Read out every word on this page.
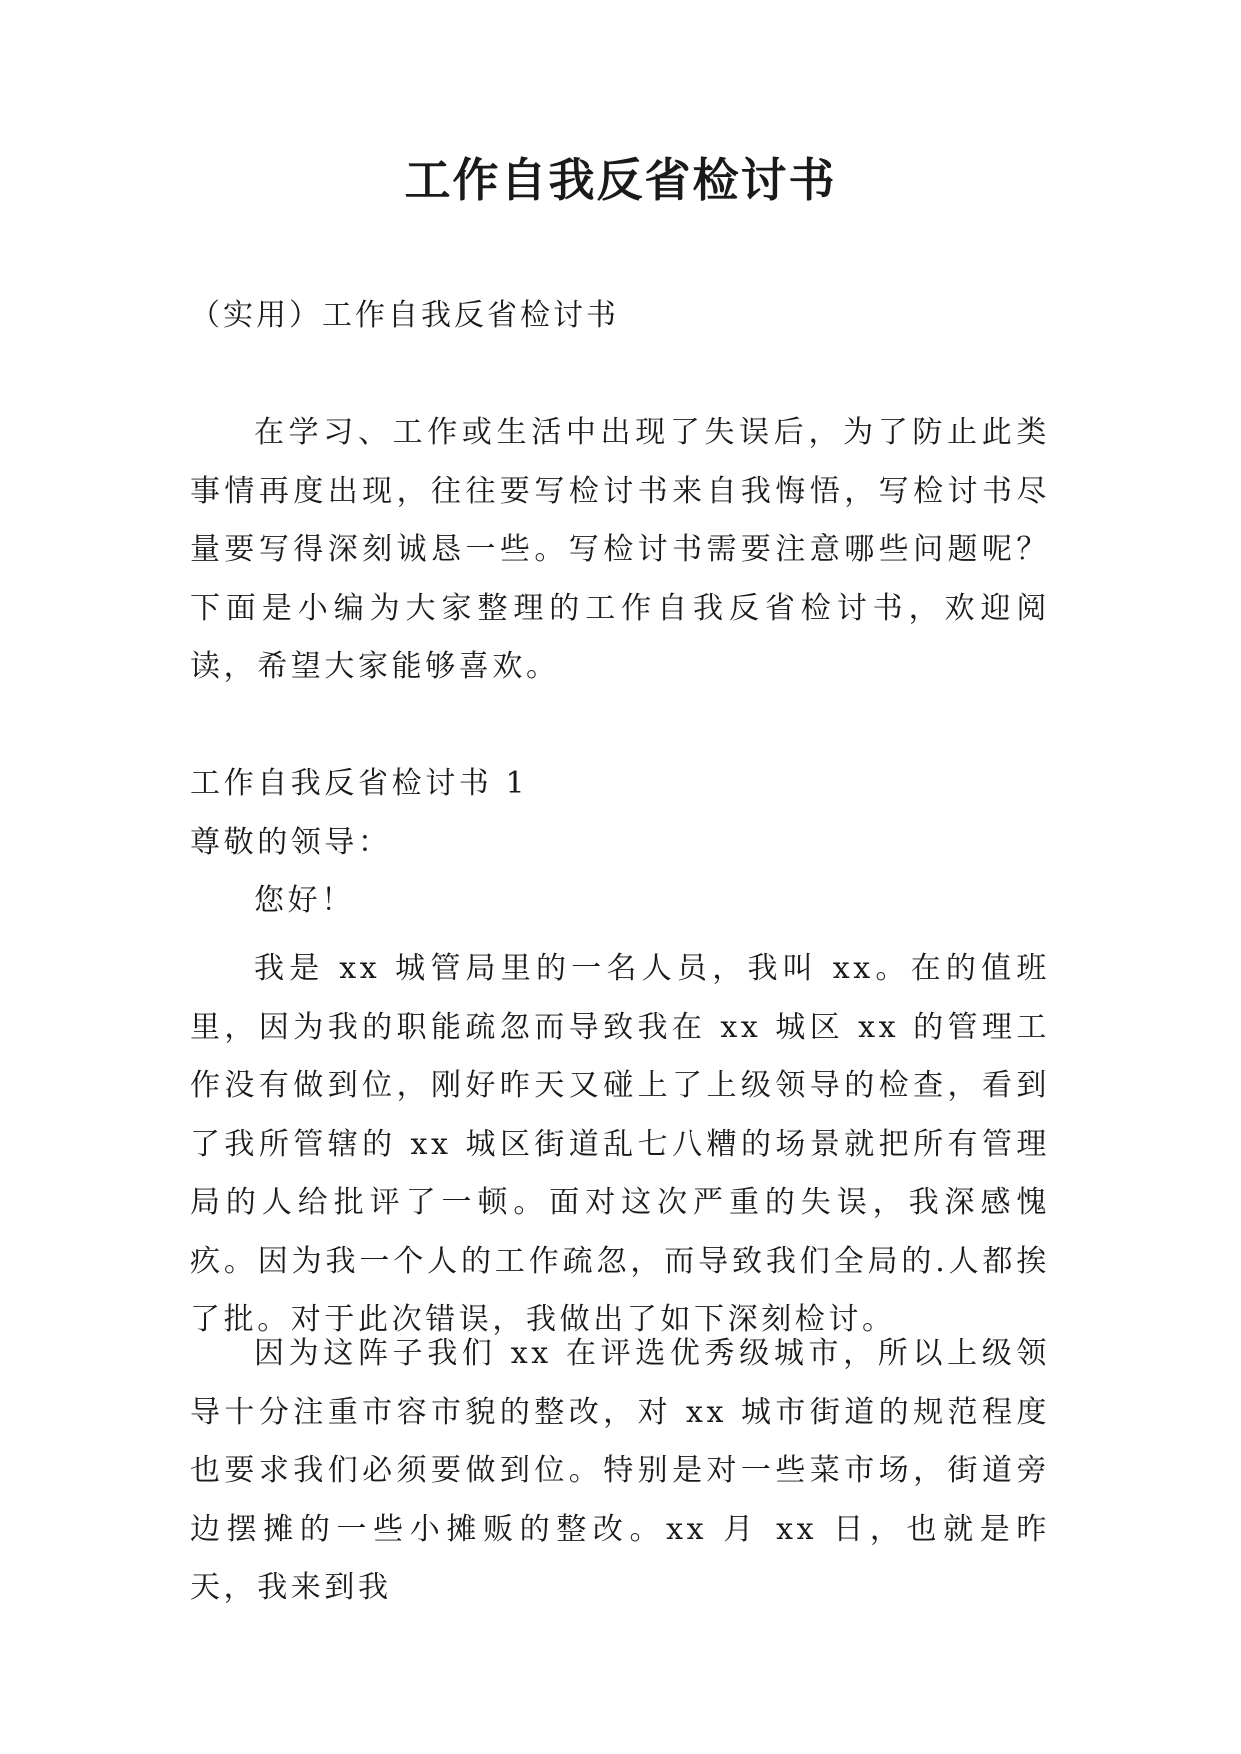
工作自我反省检讨书

（实用）工作自我反省检讨书

在学习、工作或生活中出现了失误后，为了防止此类事情再度出现，往往要写检讨书来自我悔悟，写检讨书尽量要写得深刻诚恳一些。写检讨书需要注意哪些问题呢？下面是小编为大家整理的工作自我反省检讨书，欢迎阅读，希望大家能够喜欢。

工作自我反省检讨书 1
尊敬的领导：
您好！

我是 xx 城管局里的一名人员，我叫 xx。在的值班里，因为我的职能疏忽而导致我在 xx 城区 xx 的管理工作没有做到位，刚好昨天又碰上了上级领导的检查，看到了我所管辖的 xx 城区街道乱七八糟的场景就把所有管理局的人给批评了一顿。面对这次严重的失误，我深感愧疚。因为我一个人的工作疏忽，而导致我们全局的.人都挨了批。对于此次错误，我做出了如下深刻检讨。

因为这阵子我们 xx 在评选优秀级城市，所以上级领导十分注重市容市貌的整改，对 xx 城市街道的规范程度也要求我们必须要做到位。特别是对一些菜市场，街道旁边摆摊的一些小摊贩的整改。xx 月 xx 日，也就是昨天，我来到我
